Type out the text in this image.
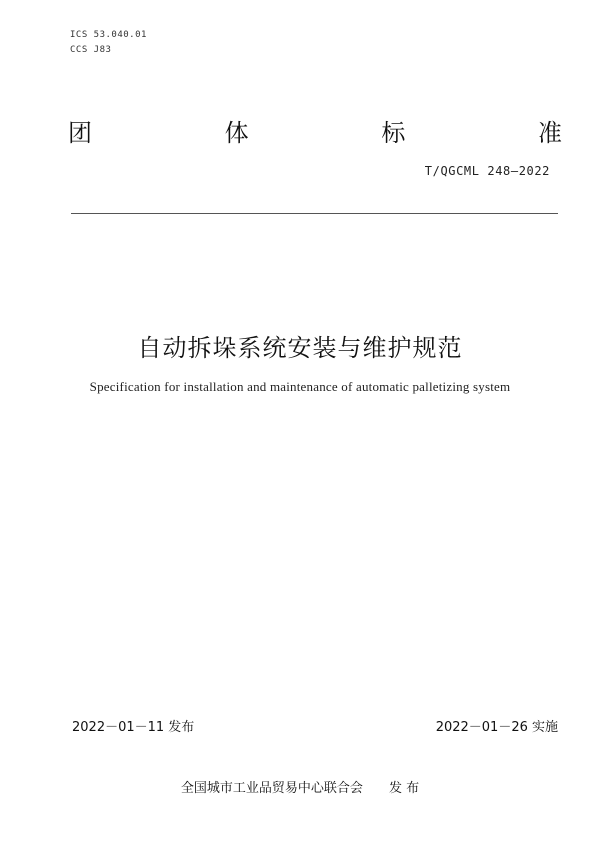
ICS 53.040.01
CCS J83
团	体	标	准
T/QGCML 248—2022
自动拆垛系统安装与维护规范
Specification for installation and maintenance of automatic palletizing system
2022－01－11 发布	2022－01－26 实施
全国城市工业品贸易中心联合会 发 布
